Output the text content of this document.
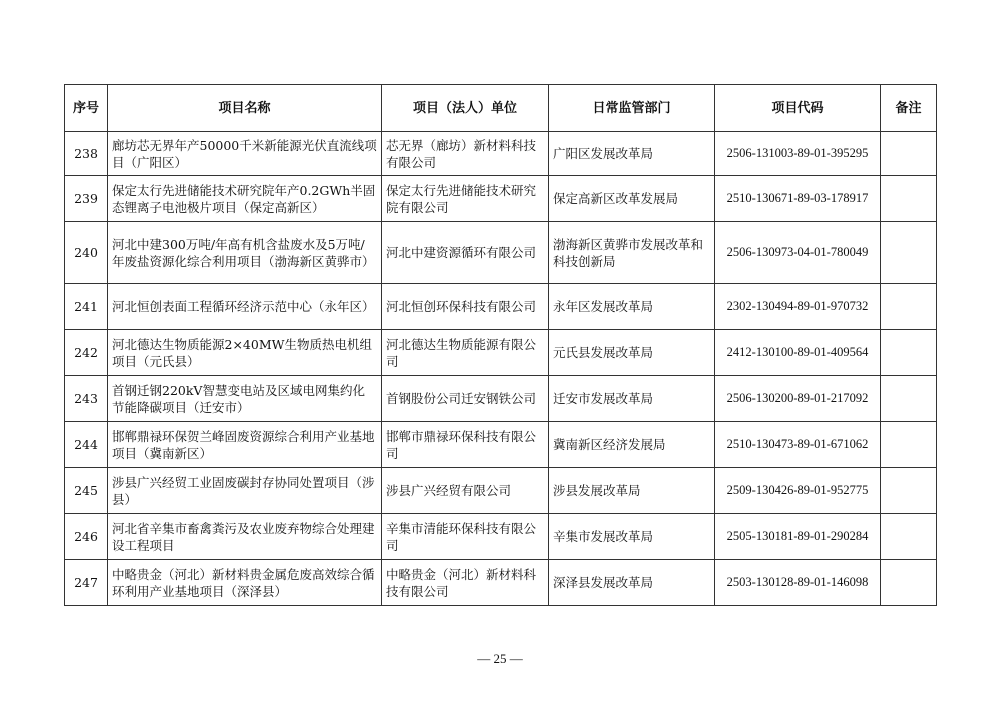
序号	项目名称	项目（法人）单位	日常监管部门	项目代码	备注
238	廊坊芯无界年产50000千米新能源光伏直流线项目（广阳区）	芯无界（廊坊）新材料科技有限公司	广阳区发展改革局	2506-131003-89-01-395295	
239	保定太行先进储能技术研究院年产0.2GWh半固态锂离子电池极片项目（保定高新区）	保定太行先进储能技术研究院有限公司	保定高新区改革发展局	2510-130671-89-03-178917	
240	河北中建300万吨/年高有机含盐废水及5万吨/年废盐资源化综合利用项目（渤海新区黄骅市）	河北中建资源循环有限公司	渤海新区黄骅市发展改革和科技创新局	2506-130973-04-01-780049	
241	河北恒创表面工程循环经济示范中心（永年区）	河北恒创环保科技有限公司	永年区发展改革局	2302-130494-89-01-970732	
242	河北德达生物质能源2×40MW生物质热电机组项目（元氏县）	河北德达生物质能源有限公司	元氏县发展改革局	2412-130100-89-01-409564	
243	首钢迁钢220kV智慧变电站及区域电网集约化节能降碳项目（迁安市）	首钢股份公司迁安钢铁公司	迁安市发展改革局	2506-130200-89-01-217092	
244	邯郸鼎禄环保贺兰峰固废资源综合利用产业基地项目（冀南新区）	邯郸市鼎禄环保科技有限公司	冀南新区经济发展局	2510-130473-89-01-671062	
245	涉县广兴经贸工业固废碳封存协同处置项目（涉县）	涉县广兴经贸有限公司	涉县发展改革局	2509-130426-89-01-952775	
246	河北省辛集市畜禽粪污及农业废弃物综合处理建设工程项目	辛集市清能环保科技有限公司	辛集市发展改革局	2505-130181-89-01-290284	
247	中略贵金（河北）新材料贵金属危废高效综合循环利用产业基地项目（深泽县）	中略贵金（河北）新材料科技有限公司	深泽县发展改革局	2503-130128-89-01-146098	
— 25 —
